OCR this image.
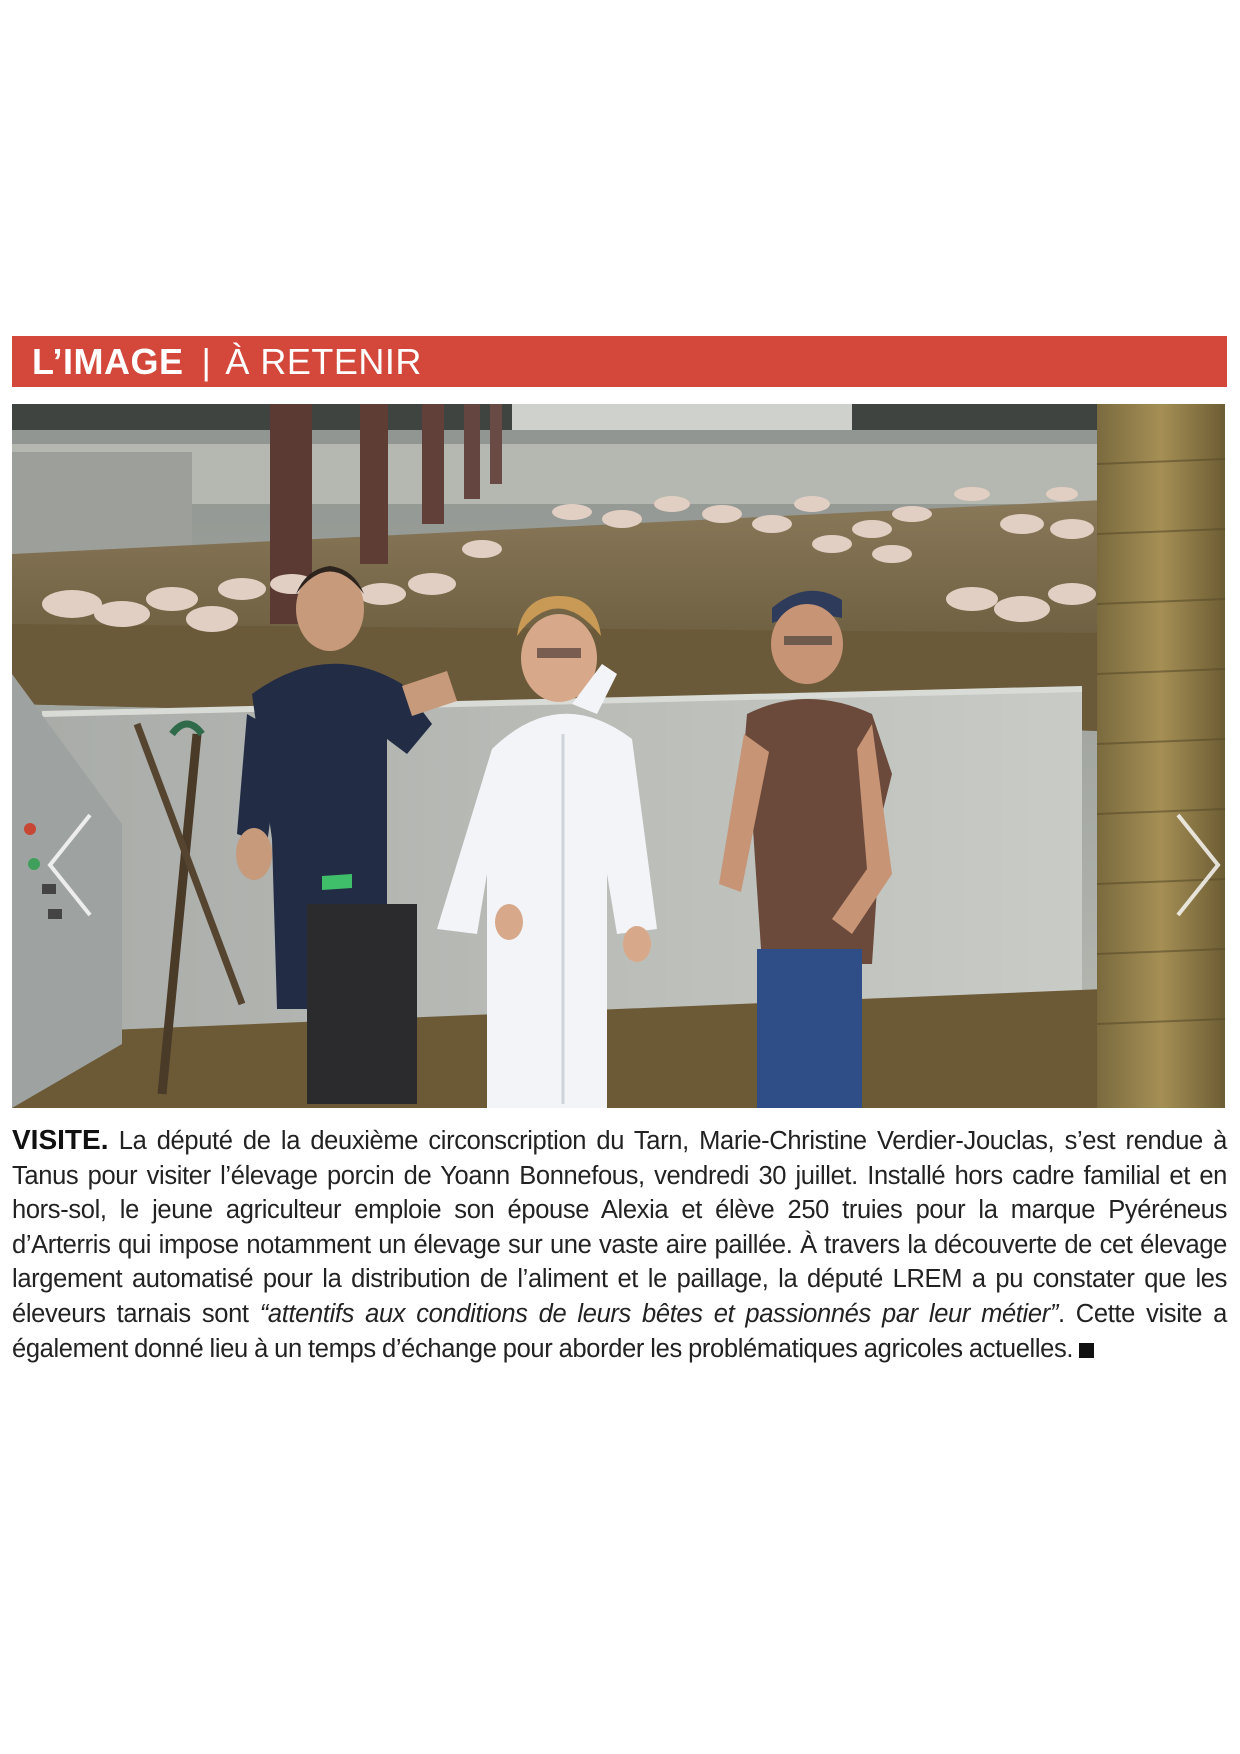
L’IMAGE | À RETENIR

VISITE. La député de la deuxième circonscription du Tarn, Marie-Christine Verdier-Jouclas, s’est rendue à Tanus pour visiter l’élevage porcin de Yoann Bonnefous, vendredi 30 juillet. Installé hors cadre familial et en hors-sol, le jeune agriculteur emploie son épouse Alexia et élève 250 truies pour la marque Pyéréneus d’Arterris qui impose notamment un élevage sur une vaste aire paillée. À travers la découverte de cet élevage largement automatisé pour la distribution de l’aliment et le paillage, la député LREM a pu constater que les éleveurs tarnais sont “attentifs aux conditions de leurs bêtes et passionnés par leur métier”. Cette visite a également donné lieu à un temps d’échange pour aborder les problématiques agricoles actuelles.
